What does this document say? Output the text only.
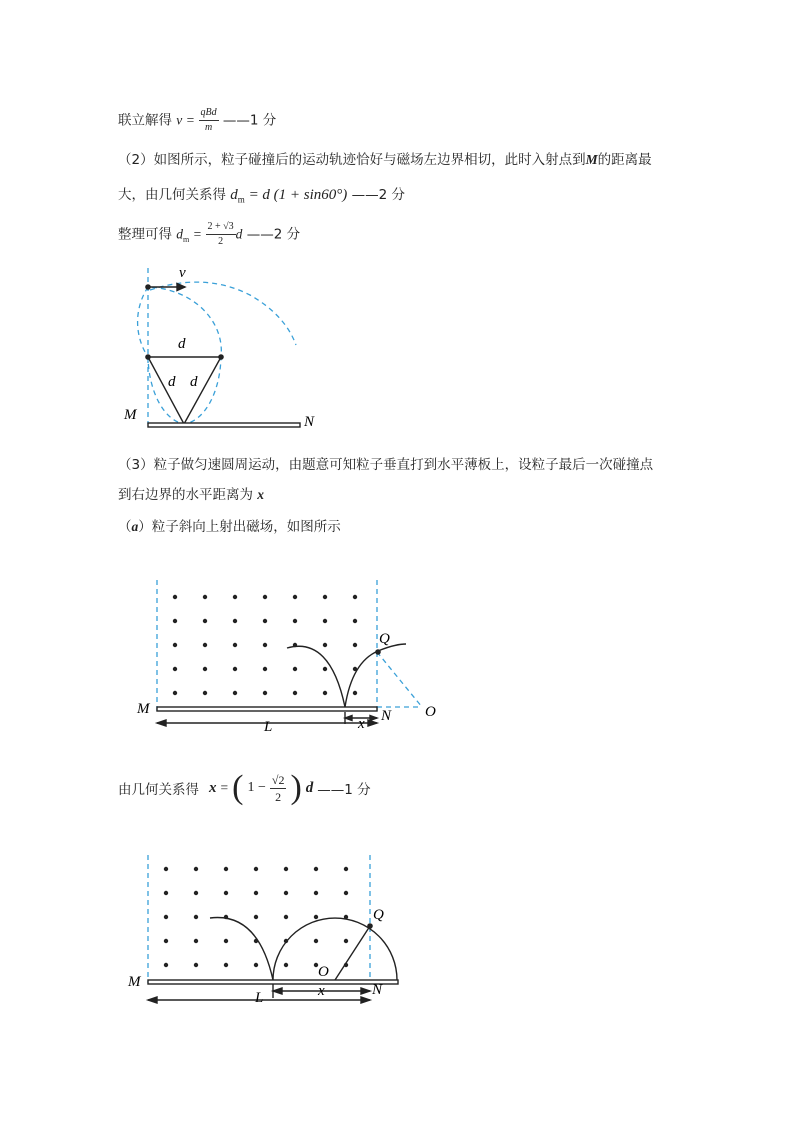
联立解得 $v = \frac{\text{qBd}}{m}$ ——1 分
（2）如图所示，粒子碰撞后的运动轨迹恰好与磁场左边界相切，此时入射点到M的距离最
大，由几何关系得 $d_m = d$ (1 + sin60°) ——2 分
整理可得 $d_m = \frac{2 + √3}{2}$ d ——2 分
v
d
d d
M	N
（3）粒子做匀速圆周运动，由题意可知粒子垂直打到水平薄板上，设粒子最后一次碰撞点
到右边界的水平距离为 x
（a）粒子斜向上射出磁场，如图所示
Q
M	N O
L	x
由几何关系得 x = ( $1 - \frac{√2}{2}$ ) d ——1 分
Q
O
M	N
L	x
